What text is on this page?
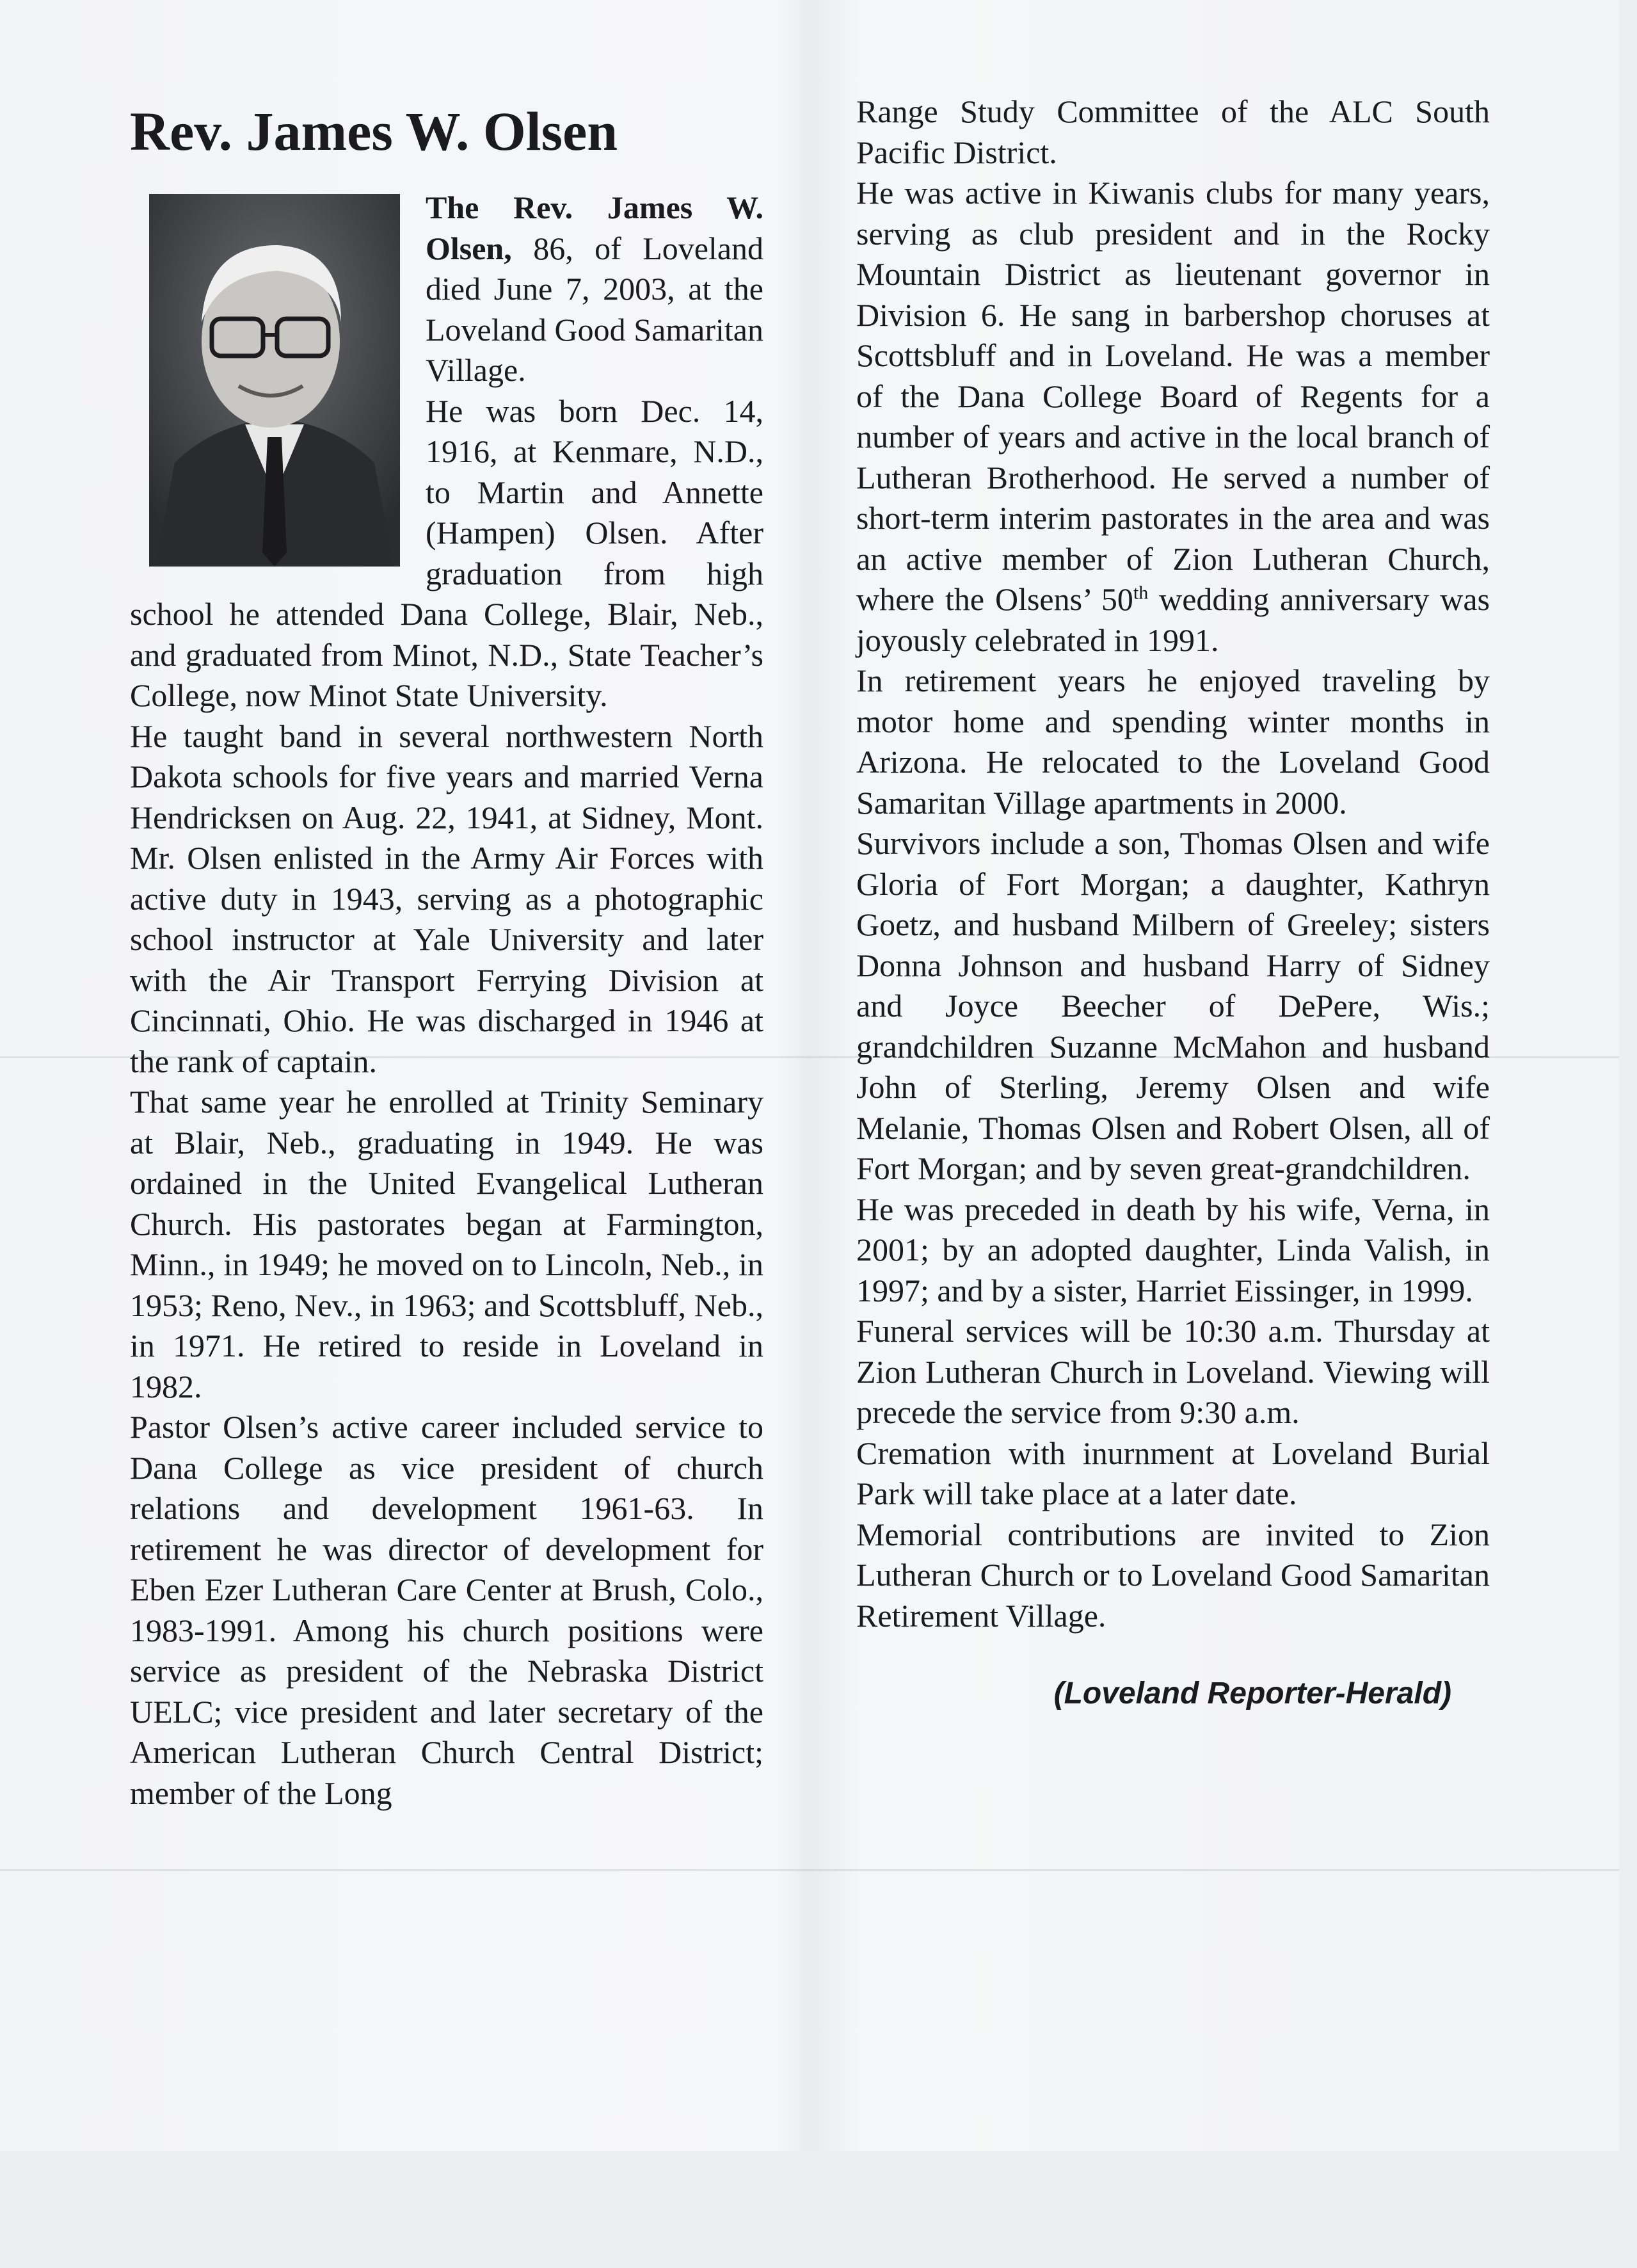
Rev. James W. Olsen

The Rev. James W. Olsen, 86, of Loveland died June 7, 2003, at the Loveland Good Samaritan Village.

He was born Dec. 14, 1916, at Kenmare, N.D., to Martin and Annette (Hampen) Olsen. After graduation from high school he attended Dana College, Blair, Neb., and graduated from Minot, N.D., State Teacher’s College, now Minot State University.

He taught band in several northwestern North Dakota schools for five years and married Verna Hendricksen on Aug. 22, 1941, at Sidney, Mont. Mr. Olsen enlisted in the Army Air Forces with active duty in 1943, serving as a photographic school instructor at Yale University and later with the Air Transport Ferrying Division at Cincinnati, Ohio. He was discharged in 1946 at the rank of captain.

That same year he enrolled at Trinity Seminary at Blair, Neb., graduating in 1949. He was ordained in the United Evangelical Lutheran Church. His pastorates began at Farmington, Minn., in 1949; he moved on to Lincoln, Neb., in 1953; Reno, Nev., in 1963; and Scottsbluff, Neb., in 1971. He retired to reside in Loveland in 1982.

Pastor Olsen’s active career included service to Dana College as vice president of church relations and development 1961-63. In retirement he was director of development for Eben Ezer Lutheran Care Center at Brush, Colo., 1983-1991. Among his church positions were service as president of the Nebraska District UELC; vice president and later secretary of the American Lutheran Church Central District; member of the Long

Range Study Committee of the ALC South Pacific District.

He was active in Kiwanis clubs for many years, serving as club president and in the Rocky Mountain District as lieutenant governor in Division 6. He sang in barbershop choruses at Scottsbluff and in Loveland. He was a member of the Dana College Board of Regents for a number of years and active in the local branch of Lutheran Brotherhood. He served a number of short-term interim pastorates in the area and was an active member of Zion Lutheran Church, where the Olsens’ 50th wedding anniversary was joyously celebrated in 1991.

In retirement years he enjoyed traveling by motor home and spending winter months in Arizona. He relocated to the Loveland Good Samaritan Village apartments in 2000.

Survivors include a son, Thomas Olsen and wife Gloria of Fort Morgan; a daughter, Kathryn Goetz, and husband Milbern of Greeley; sisters Donna Johnson and husband Harry of Sidney and Joyce Beecher of DePere, Wis.; grandchildren Suzanne McMahon and husband John of Sterling, Jeremy Olsen and wife Melanie, Thomas Olsen and Robert Olsen, all of Fort Morgan; and by seven great-grandchildren.

He was preceded in death by his wife, Verna, in 2001; by an adopted daughter, Linda Valish, in 1997; and by a sister, Harriet Eissinger, in 1999.

Funeral services will be 10:30 a.m. Thursday at Zion Lutheran Church in Loveland. Viewing will precede the service from 9:30 a.m.

Cremation with inurnment at Loveland Burial Park will take place at a later date.

Memorial contributions are invited to Zion Lutheran Church or to Loveland Good Samaritan Retirement Village.

(Loveland Reporter-Herald)
